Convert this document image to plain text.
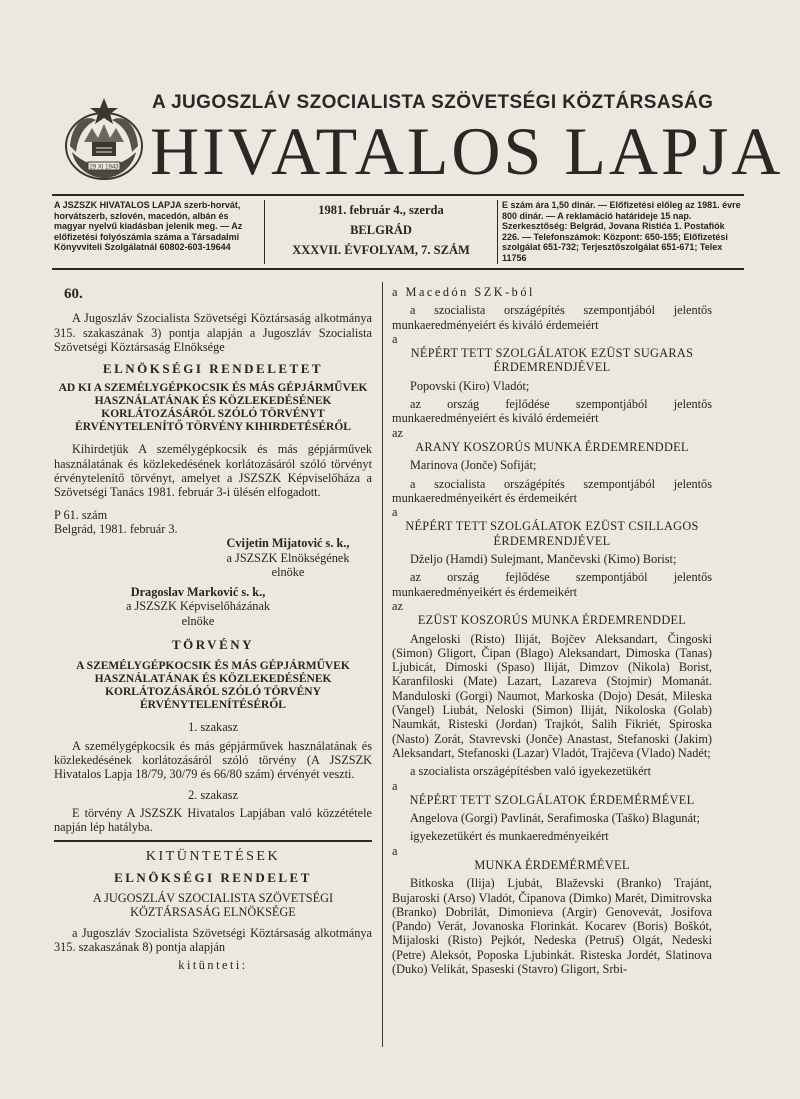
29 XI 1943
A JUGOSZLÁV SZOCIALISTA SZÖVETSÉGI KÖZTÁRSASÁG
HIVATALOS LAPJA
A JSZSZK HIVATALOS LAPJA szerb-horvát, horvátszerb, szlovén, macedón, albán és magyar nyelvű kiadásban jelenik meg. — Az előfizetési folyószámla száma a Társadalmi Könyvviteli Szolgálatnál 60802-603-19644
1981. február 4., szerda
BELGRÁD
XXXVII. ÉVFOLYAM, 7. SZÁM
E szám ára 1,50 dinár. — Előfizetési előleg az 1981. évre 800 dinár. — A reklamáció határideje 15 nap. Szerkesztőség: Belgrád, Jovana Ristića 1. Postafiók 226. — Telefonszámok: Központ: 650-155; Előfizetési szolgálat 651-732; Terjesztőszolgálat 651-671; Telex 11756

60.

A Jugoszláv Szocialista Szövetségi Köztársaság alkotmánya 315. szakaszának 3) pontja alapján a Jugoszláv Szocialista Szövetségi Köztársaság Elnöksége

ELNÖKSÉGI RENDELETET

AD KI A SZEMÉLYGÉPKOCSIK ÉS MÁS GÉPJÁRMŰVEK HASZNÁLATÁNAK ÉS KÖZLEKEDÉSÉNEK KORLÁTOZÁSÁRÓL SZÓLÓ TÖRVÉNYT ÉRVÉNYTELENÍTŐ TÖRVÉNY KIHIRDETÉSÉRŐL

Kihirdetjük A személygépkocsik és más gépjárművek használatának és közlekedésének korlátozásáról szóló törvényt érvénytelenítő törvényt, amelyet a JSZSZK Képviselőháza a Szövetségi Tanács 1981. február 3-i ülésén elfogadott.

P 61. szám

Belgrád, 1981. február 3.

Cvijetin Mijatović s. k.,

a JSZSZK Elnökségének

elnöke

Dragoslav Marković s. k.,

a JSZSZK Képviselőházának

elnöke

TÖRVÉNY

A SZEMÉLYGÉPKOCSIK ÉS MÁS GÉPJÁRMŰVEK HASZNÁLATÁNAK ÉS KÖZLEKEDÉSÉNEK KORLÁTOZÁSÁRÓL SZÓLÓ TÖRVÉNY ÉRVÉNYTELENÍTÉSÉRŐL

1. szakasz

A személygépkocsik és más gépjárművek használatának és közlekedésének korlátozásáról szóló törvény (A JSZSZK Hivatalos Lapja 18/79, 30/79 és 66/80 szám) érvényét veszti.

2. szakasz

E törvény A JSZSZK Hivatalos Lapjában való közzététele napján lép hatályba.

KITÜNTETÉSEK

ELNÖKSÉGI RENDELET

A JUGOSZLÁV SZOCIALISTA SZÖVETSÉGI KÖZTÁRSASÁG ELNÖKSÉGE

a Jugoszláv Szocialista Szövetségi Köztársaság alkotmánya 315. szakaszának 8) pontja alapján

kitünteti:

a Macedón SZK-ból

a szocialista országépítés szempontjából jelentős munkaeredményeiért és kiváló érdemeiért

a

NÉPÉRT TETT SZOLGÁLATOK EZÜST SUGARAS ÉRDEMRENDJÉVEL

Popovski (Kiro) Vladót;

az ország fejlődése szempontjából jelentős munkaeredményeiért és kiváló érdemeiért

az

ARANY KOSZORÚS MUNKA ÉRDEMRENDDEL

Marinova (Jonče) Sofiját;

a szocialista országépítés szempontjából jelentős munkaeredményeikért és érdemeikért

a

NÉPÉRT TETT SZOLGÁLATOK EZÜST CSILLAGOS ÉRDEMRENDJÉVEL

Dželjo (Hamdi) Sulejmant, Mančevski (Kimo) Borist;

az ország fejlődése szempontjából jelentős munkaeredményeikért és érdemeikért

az

EZÜST KOSZORÚS MUNKA ÉRDEMRENDDEL

Angeloski (Risto) Iliját, Bojčev Aleksandart, Čingoski (Simon) Gligort, Čipan (Blago) Aleksandart, Dimoska (Tanas) Ljubicát, Dimoski (Spaso) Iliját, Dimzov (Nikola) Borist, Karanfiloski (Mate) Lazart, Lazareva (Stojmir) Momanát. Manduloski (Gorgi) Naumot, Markoska (Dojo) Desát, Mileska (Vangel) Liubát, Neloski (Simon) Iliját, Nikoloska (Golab) Naumkát, Risteski (Jordan) Trajkót, Salih Fikriét, Spiroska (Nasto) Zorát, Stavrevski (Jonče) Anastast, Stefanoski (Jakim) Aleksandart, Stefanoski (Lazar) Vladót, Trajčeva (Vlado) Nadét;

a szocialista országépítésben való igyekezetükért

a

NÉPÉRT TETT SZOLGÁLATOK ÉRDEMÉRMÉVEL

Angelova (Gorgi) Pavlinát, Serafimoska (Taško) Blagunát;

igyekezetükért és munkaeredményeikért

a

MUNKA ÉRDEMÉRMÉVEL

Bitkoska (Ilija) Ljubát, Blaževski (Branko) Trajánt, Bujaroski (Arso) Vladót, Čipanova (Dimko) Marét, Dimitrovska (Branko) Dobrilát, Dimonieva (Argir) Genovevát, Josifova (Pando) Verát, Jovanoska Florinkát. Kocarev (Boris) Boškót, Mijaloski (Risto) Pejkót, Nedeska (Petruš) Olgát, Nedeski (Petre) Aleksót, Poposka Ljubinkát. Risteska Jordét, Slatinova (Duko) Velikát, Spaseski (Stavro) Gligort, Srbi-
